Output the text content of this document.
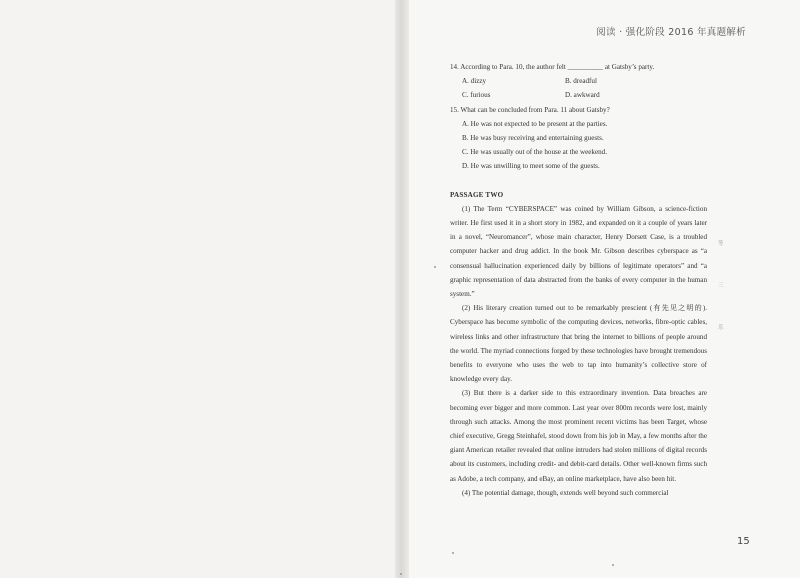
阅读 · 强化阶段 2016 年真题解析

14. According to Para. 10, the author felt __________ at Gatsby’s party.

A. dizzy	B. dreadful
C. furious	D. awkward

15. What can be concluded from Para. 11 about Gatsby?

A. He was not expected to be present at the parties.
B. He was busy receiving and entertaining guests.
C. He was usually out of the house at the weekend.
D. He was unwilling to meet some of the guests.

PASSAGE TWO

(1) The Term “CYBERSPACE” was coined by William Gibson, a science-fiction writer. He first used it in a short story in 1982, and expanded on it a couple of years later in a novel, “Neuromancer”, whose main character, Henry Dorsett Case, is a troubled computer hacker and drug addict. In the book Mr. Gibson describes cyberspace as “a consensual hallucination experienced daily by billions of legitimate operators” and “a graphic representation of data abstracted from the banks of every computer in the human system.”

(2) His literary creation turned out to be remarkably prescient (有先见之明的). Cyberspace has become symbolic of the computing devices, networks, fibre-optic cables, wireless links and other infrastructure that bring the internet to billions of people around the world. The myriad connections forged by these technologies have brought tremendous benefits to everyone who uses the web to tap into humanity’s collective store of knowledge every day.

(3) But there is a darker side to this extraordinary invention. Data breaches are becoming ever bigger and more common. Last year over 800m records were lost, mainly through such attacks. Among the most prominent recent victims has been Target, whose chief executive, Gregg Steinhafel, stood down from his job in May, a few months after the giant American retailer revealed that online intruders had stolen millions of digital records about its customers, including credit- and debit-card details. Other well-known firms such as Adobe, a tech company, and eBay, an online marketplace, have also been hit.

(4) The potential damage, though, extends well beyond such commercial

15
等
三
乐
